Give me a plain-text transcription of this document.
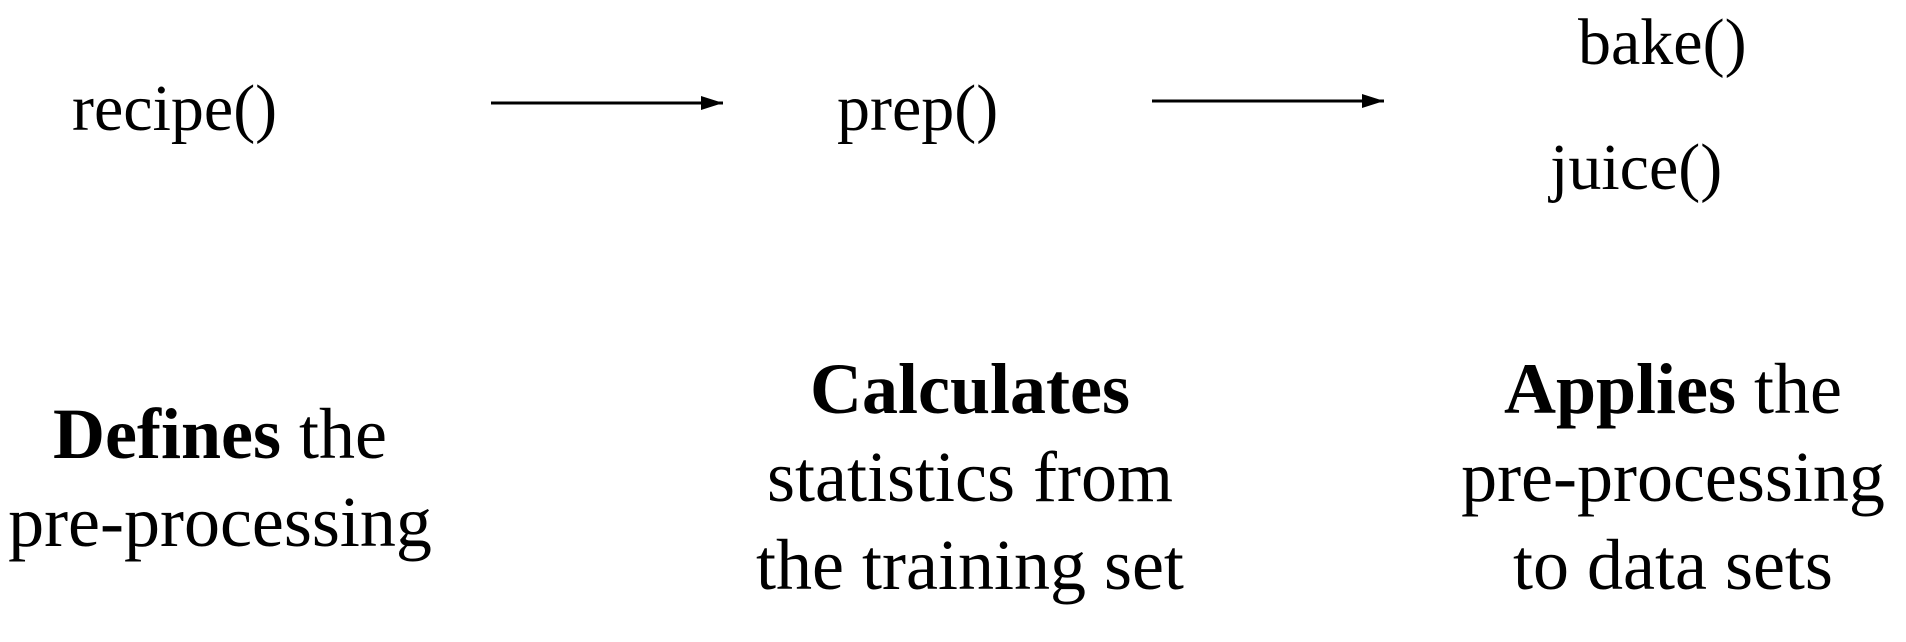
recipe()	prep()
bake()
juice()
Defines the
pre-processing
Calculates
statistics from
the training set
Applies the
pre-processing
to data sets
